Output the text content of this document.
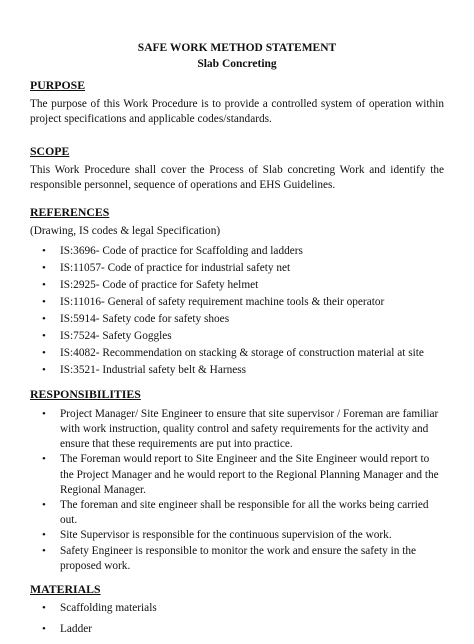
SAFE WORK METHOD STATEMENT
Slab Concreting
PURPOSE

The purpose of this Work Procedure is to provide a controlled system of operation within project specifications and applicable codes/standards.

SCOPE

This Work Procedure shall cover the Process of Slab concreting Work and identify the responsible personnel, sequence of operations and EHS Guidelines.

REFERENCES
(Drawing, IS codes & legal Specification)
• IS:3696- Code of practice for Scaffolding and ladders
• IS:11057- Code of practice for industrial safety net
• IS:2925- Code of practice for Safety helmet
• IS:11016- General of safety requirement machine tools & their operator
• IS:5914- Safety code for safety shoes
• IS:7524- Safety Goggles
• IS:4082- Recommendation on stacking & storage of construction material at site
• IS:3521- Industrial safety belt & Harness
RESPONSIBILITIES
• Project Manager/ Site Engineer to ensure that site supervisor / Foreman are familiar with work instruction, quality control and safety requirements for the activity and ensure that these requirements are put into practice.
• The Foreman would report to Site Engineer and the Site Engineer would report to the Project Manager and he would report to the Regional Planning Manager and the Regional Manager.
• The foreman and site engineer shall be responsible for all the works being carried out.
• Site Supervisor is responsible for the continuous supervision of the work.
• Safety Engineer is responsible to monitor the work and ensure the safety in the proposed work.
MATERIALS
• Scaffolding materials
• Ladder
